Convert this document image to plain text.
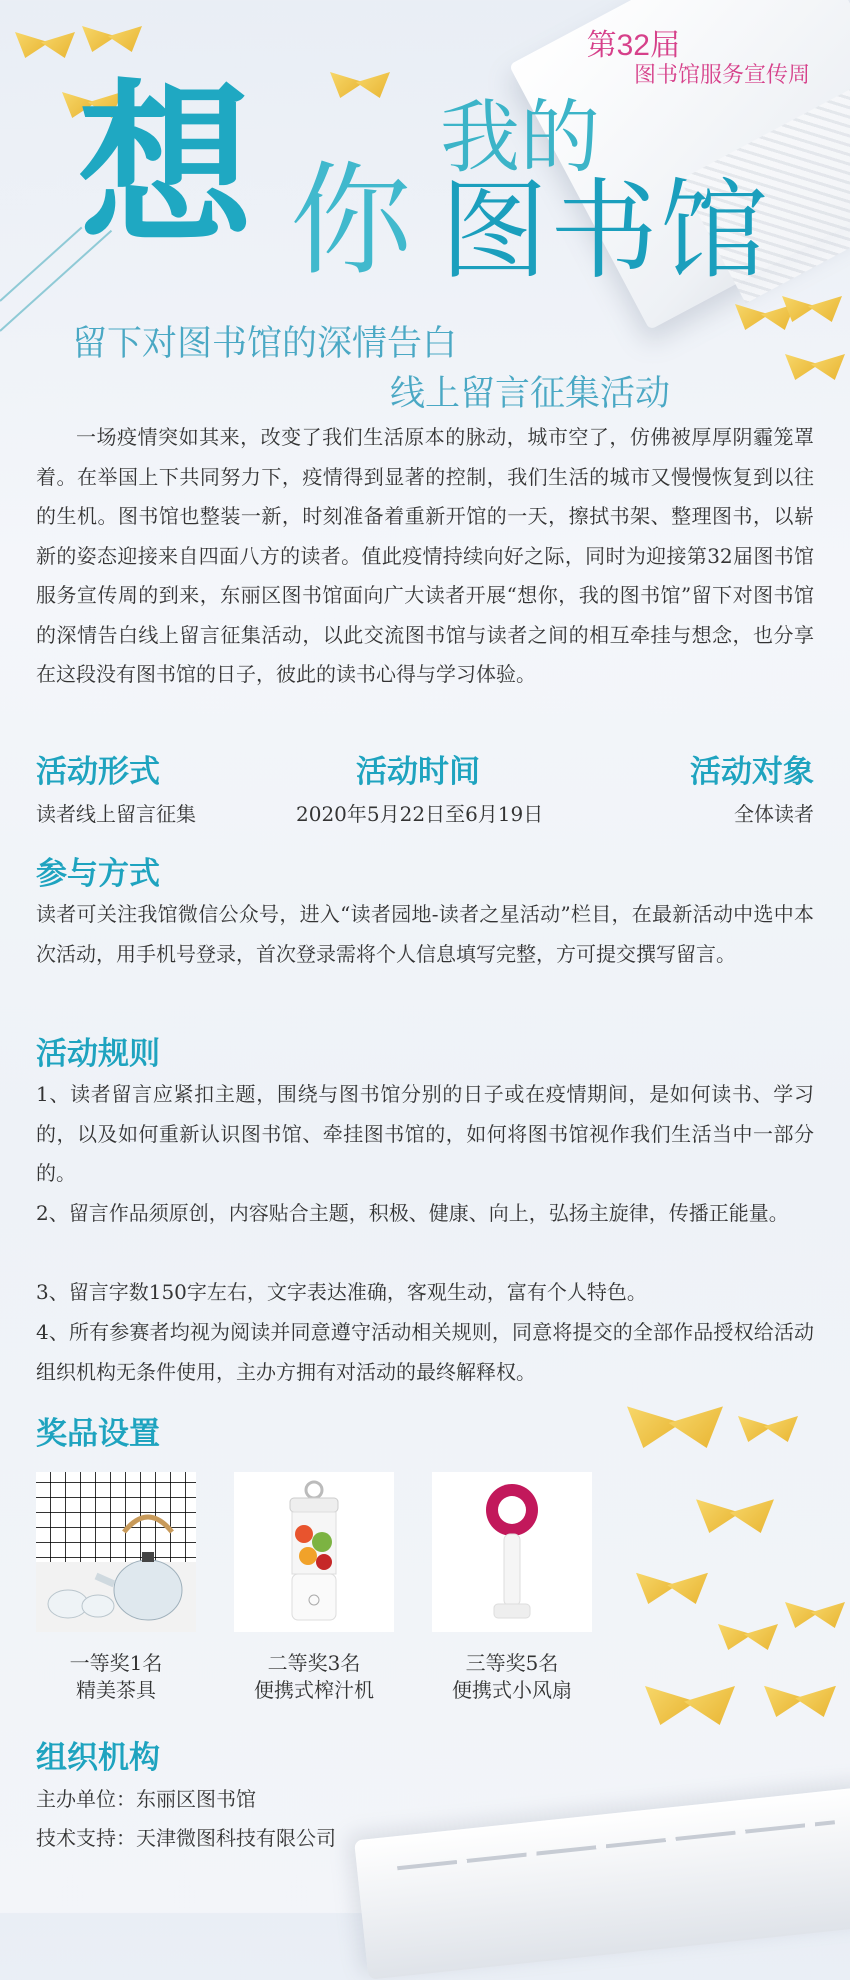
第32届
图书馆服务宣传周
想 你
我的
图书馆
留下对图书馆的深情告白
线上留言征集活动

一场疫情突如其来，改变了我们生活原本的脉动，城市空了，仿佛被厚厚阴霾笼罩着。在举国上下共同努力下，疫情得到显著的控制，我们生活的城市又慢慢恢复到以往的生机。图书馆也整装一新，时刻准备着重新开馆的一天，擦拭书架、整理图书，以崭新的姿态迎接来自四面八方的读者。值此疫情持续向好之际，同时为迎接第32届图书馆服务宣传周的到来，东丽区图书馆面向广大读者开展“想你，我的图书馆”留下对图书馆的深情告白线上留言征集活动，以此交流图书馆与读者之间的相互牵挂与想念，也分享在这段没有图书馆的日子，彼此的读书心得与学习体验。

活动形式
读者线上留言征集
活动时间
2020年5月22日至6月19日
活动对象
全体读者
参与方式

读者可关注我馆微信公众号，进入“读者园地-读者之星活动”栏目，在最新活动中选中本次活动，用手机号登录，首次登录需将个人信息填写完整，方可提交撰写留言。

活动规则

1、读者留言应紧扣主题，围绕与图书馆分别的日子或在疫情期间，是如何读书、学习的，以及如何重新认识图书馆、牵挂图书馆的，如何将图书馆视作我们生活当中一部分的。

2、留言作品须原创，内容贴合主题，积极、健康、向上，弘扬主旋律，传播正能量。

3、留言字数150字左右，文字表达准确，客观生动，富有个人特色。

4、所有参赛者均视为阅读并同意遵守活动相关规则，同意将提交的全部作品授权给活动组织机构无条件使用，主办方拥有对活动的最终解释权。

奖品设置
一等奖1名
精美茶具
二等奖3名
便携式榨汁机
三等奖5名
便携式小风扇
组织机构
主办单位：东丽区图书馆
技术支持：天津微图科技有限公司
